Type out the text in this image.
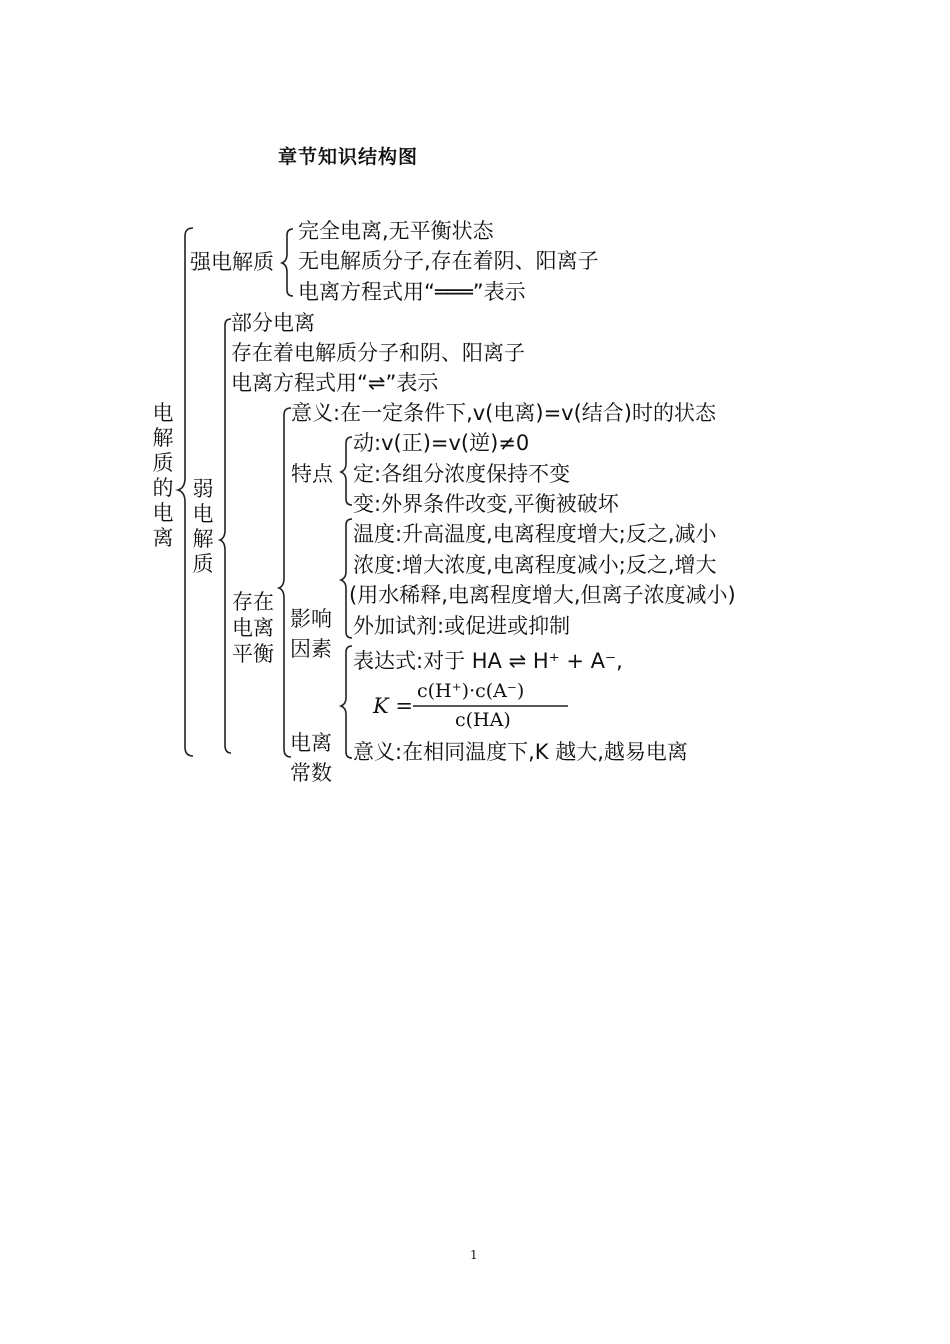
章节知识结构图
电解质的电离
强电解质
完全电离,无平衡状态
无电解质分子,存在着阴、阳离子
电离方程式用“═══”表示
弱电解质
部分电离
存在着电解质分子和阴、阳离子
电离方程式用“⇌”表示

存在电离平衡

意义:在一定条件下,v(电离)=v(结合)时的状态
特点
动:v(正)=v(逆)≠0
定:各组分浓度保持不变
变:外界条件改变,平衡被破坏

影响因素

温度:升高温度,电离程度增大;反之,减小
浓度:增大浓度,电离程度减小;反之,增大
(用水稀释,电离程度增大,但离子浓度减小)
外加试剂:或促进或抑制

电离常数

表达式:对于 HA ⇌ H⁺ + A⁻,
K =
c(H⁺)·c(A⁻)
c(HA)
意义:在相同温度下,K 越大,越易电离
1
